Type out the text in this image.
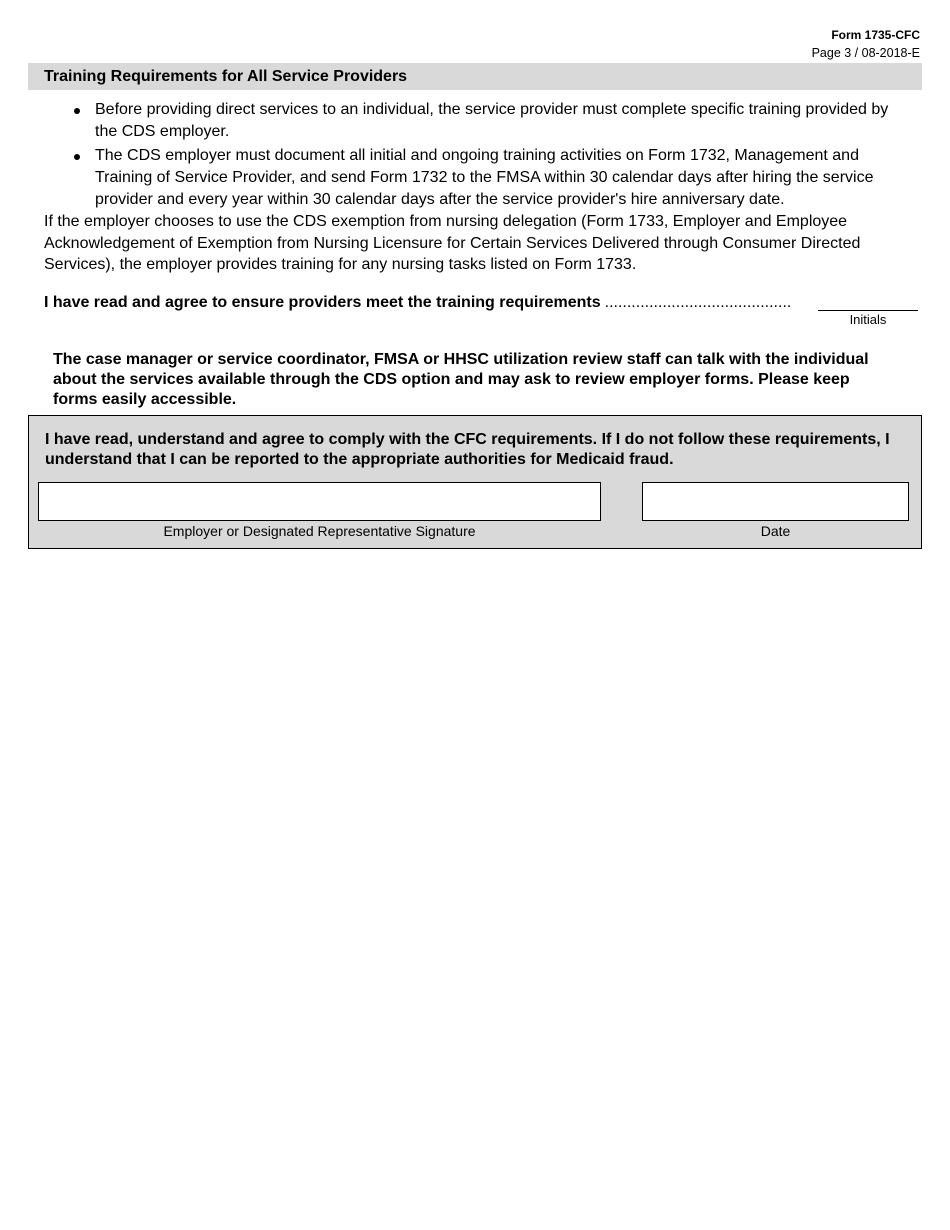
Form 1735-CFC
Page 3 / 08-2018-E
Training Requirements for All Service Providers
Before providing direct services to an individual, the service provider must complete specific training provided by the CDS employer.
The CDS employer must document all initial and ongoing training activities on Form 1732, Management and Training of Service Provider, and send Form 1732 to the FMSA within 30 calendar days after hiring the service provider and every year within 30 calendar days after the service provider's hire anniversary date.

If the employer chooses to use the CDS exemption from nursing delegation (Form 1733, Employer and Employee Acknowledgement of Exemption from Nursing Licensure for Certain Services Delivered through Consumer Directed Services), the employer provides training for any nursing tasks listed on Form 1733.

I have read and agree to ensure providers meet the training requirements ..........................................
Initials

The case manager or service coordinator, FMSA or HHSC utilization review staff can talk with the individual about the services available through the CDS option and may ask to review employer forms. Please keep forms easily accessible.

I have read, understand and agree to comply with the CFC requirements. If I do not follow these requirements, I understand that I can be reported to the appropriate authorities for Medicaid fraud.

Employer or Designated Representative Signature	Date
